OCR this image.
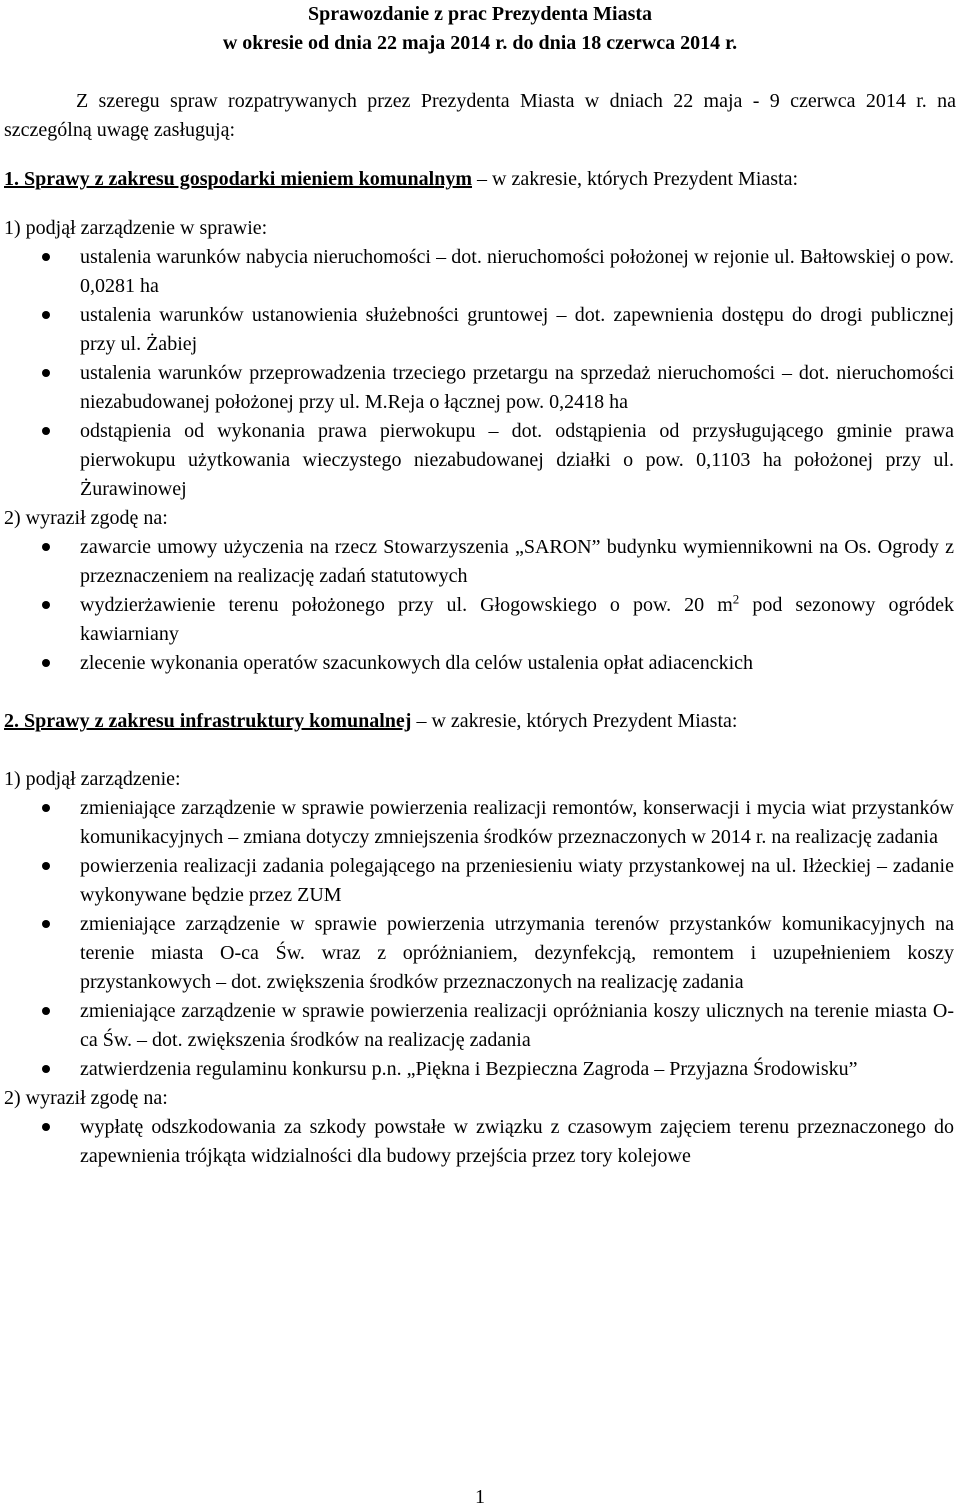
Sprawozdanie z prac Prezydenta Miasta

w okresie od dnia 22 maja 2014 r. do dnia 18 czerwca 2014 r.

Z szeregu spraw rozpatrywanych przez Prezydenta Miasta w dniach 22 maja - 9 czerwca 2014 r. na szczególną uwagę zasługują:

1. Sprawy z zakresu gospodarki mieniem komunalnym – w zakresie, których Prezydent Miasta:

1) podjął zarządzenie w sprawie:

ustalenia warunków nabycia nieruchomości – dot. nieruchomości położonej w rejonie ul. Bałtowskiej o pow. 0,0281 ha
ustalenia warunków ustanowienia służebności gruntowej – dot. zapewnienia dostępu do drogi publicznej przy ul. Żabiej
ustalenia warunków przeprowadzenia trzeciego przetargu na sprzedaż nieruchomości – dot. nieruchomości niezabudowanej położonej przy ul. M.Reja o łącznej pow. 0,2418 ha
odstąpienia od wykonania prawa pierwokupu – dot. odstąpienia od przysługującego gminie prawa pierwokupu użytkowania wieczystego niezabudowanej działki o pow. 0,1103 ha położonej przy ul. Żurawinowej

2) wyraził zgodę na:

zawarcie umowy użyczenia na rzecz Stowarzyszenia „SARON” budynku wymiennikowni na Os. Ogrody z przeznaczeniem na realizację zadań statutowych
wydzierżawienie terenu położonego przy ul. Głogowskiego o pow. 20 $m^2$ pod sezonowy ogródek kawiarniany
zlecenie wykonania operatów szacunkowych dla celów ustalenia opłat adiacenckich

2. Sprawy z zakresu infrastruktury komunalnej – w zakresie, których Prezydent Miasta:

1) podjął zarządzenie:

zmieniające zarządzenie w sprawie powierzenia realizacji remontów, konserwacji i mycia wiat przystanków komunikacyjnych – zmiana dotyczy zmniejszenia środków przeznaczonych w 2014 r. na realizację zadania
powierzenia realizacji zadania polegającego na przeniesieniu wiaty przystankowej na ul. Iłżeckiej – zadanie wykonywane będzie przez ZUM
zmieniające zarządzenie w sprawie powierzenia utrzymania terenów przystanków komunikacyjnych na terenie miasta O-ca Św. wraz z opróżnianiem, dezynfekcją, remontem i uzupełnieniem koszy przystankowych – dot. zwiększenia środków przeznaczonych na realizację zadania
zmieniające zarządzenie w sprawie powierzenia realizacji opróżniania koszy ulicznych na terenie miasta O-ca Św. – dot. zwiększenia środków na realizację zadania
zatwierdzenia regulaminu konkursu p.n. „Piękna i Bezpieczna Zagroda – Przyjazna Środowisku”

2) wyraził zgodę na:

wypłatę odszkodowania za szkody powstałe w związku z czasowym zajęciem terenu przeznaczonego do zapewnienia trójkąta widzialności dla budowy przejścia przez tory kolejowe
1
